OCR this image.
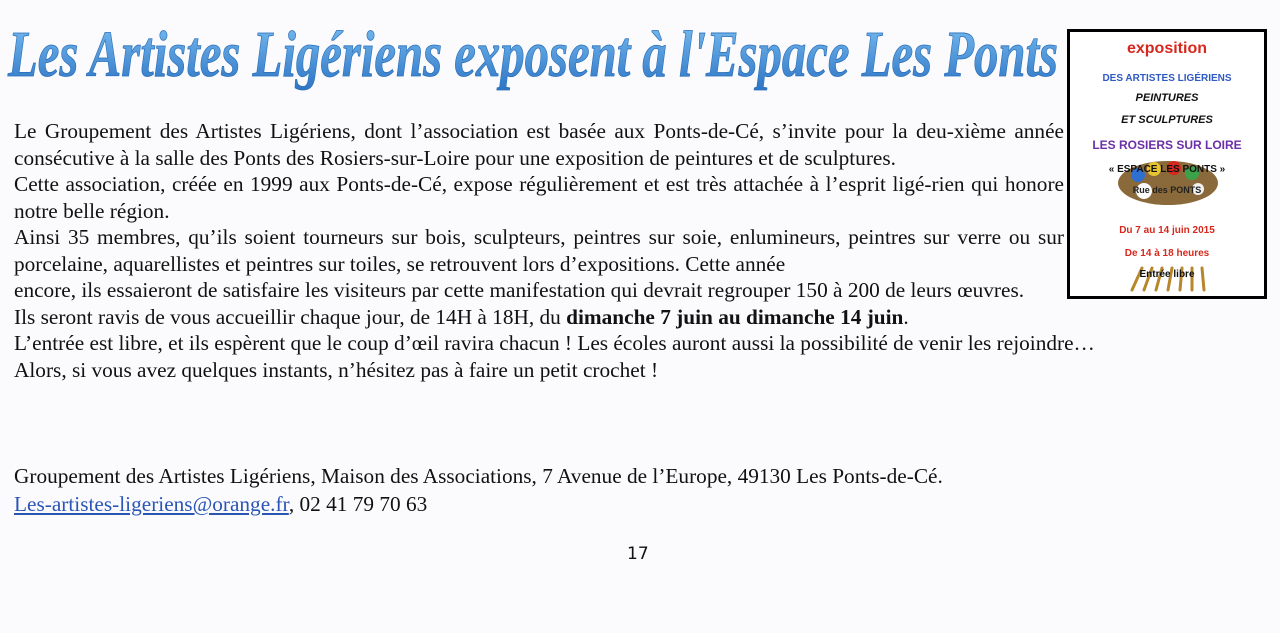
Les Artistes Ligériens exposent à l'Espace Les Ponts

Le Groupement des Artistes Ligériens, dont l’association est basée aux Ponts-de-Cé, s’invite pour la deu-xième année consécutive à la salle des Ponts des Rosiers-sur-Loire pour une exposition de peintures et de sculptures.

Cette association, créée en 1999 aux Ponts-de-Cé, expose régulièrement et est très attachée à l’esprit ligé-rien qui honore notre belle région.

Ainsi 35 membres, qu’ils soient tourneurs sur bois, sculpteurs, peintres sur soie, enlumineurs, peintres sur verre ou sur porcelaine, aquarellistes et peintres sur toiles, se retrouvent lors d’expositions. Cette année

encore, ils essaieront de satisfaire les visiteurs par cette manifestation qui devrait regrouper 150 à 200 de leurs œuvres.

Ils seront ravis de vous accueillir chaque jour, de 14H à 18H, du dimanche 7 juin au dimanche 14 juin.

L’entrée est libre, et ils espèrent que le coup d’œil ravira chacun ! Les écoles auront aussi la possibilité de venir les rejoindre…

Alors, si vous avez quelques instants, n’hésitez pas à faire un petit crochet !

Groupement des Artistes Ligériens, Maison des Associations, 7 Avenue de l’Europe, 49130 Les Ponts-de-Cé.

Les-artistes-ligeriens@orange.fr, 02 41 79 70 63

17
exposition
DES ARTISTES LIGÉRIENS
PEINTURES
ET SCULPTURES
LES ROSIERS SUR LOIRE
« ESPACE LES PONTS »
Rue des PONTS
Du 7 au 14 juin 2015
De 14 à 18 heures
Entrée libre
